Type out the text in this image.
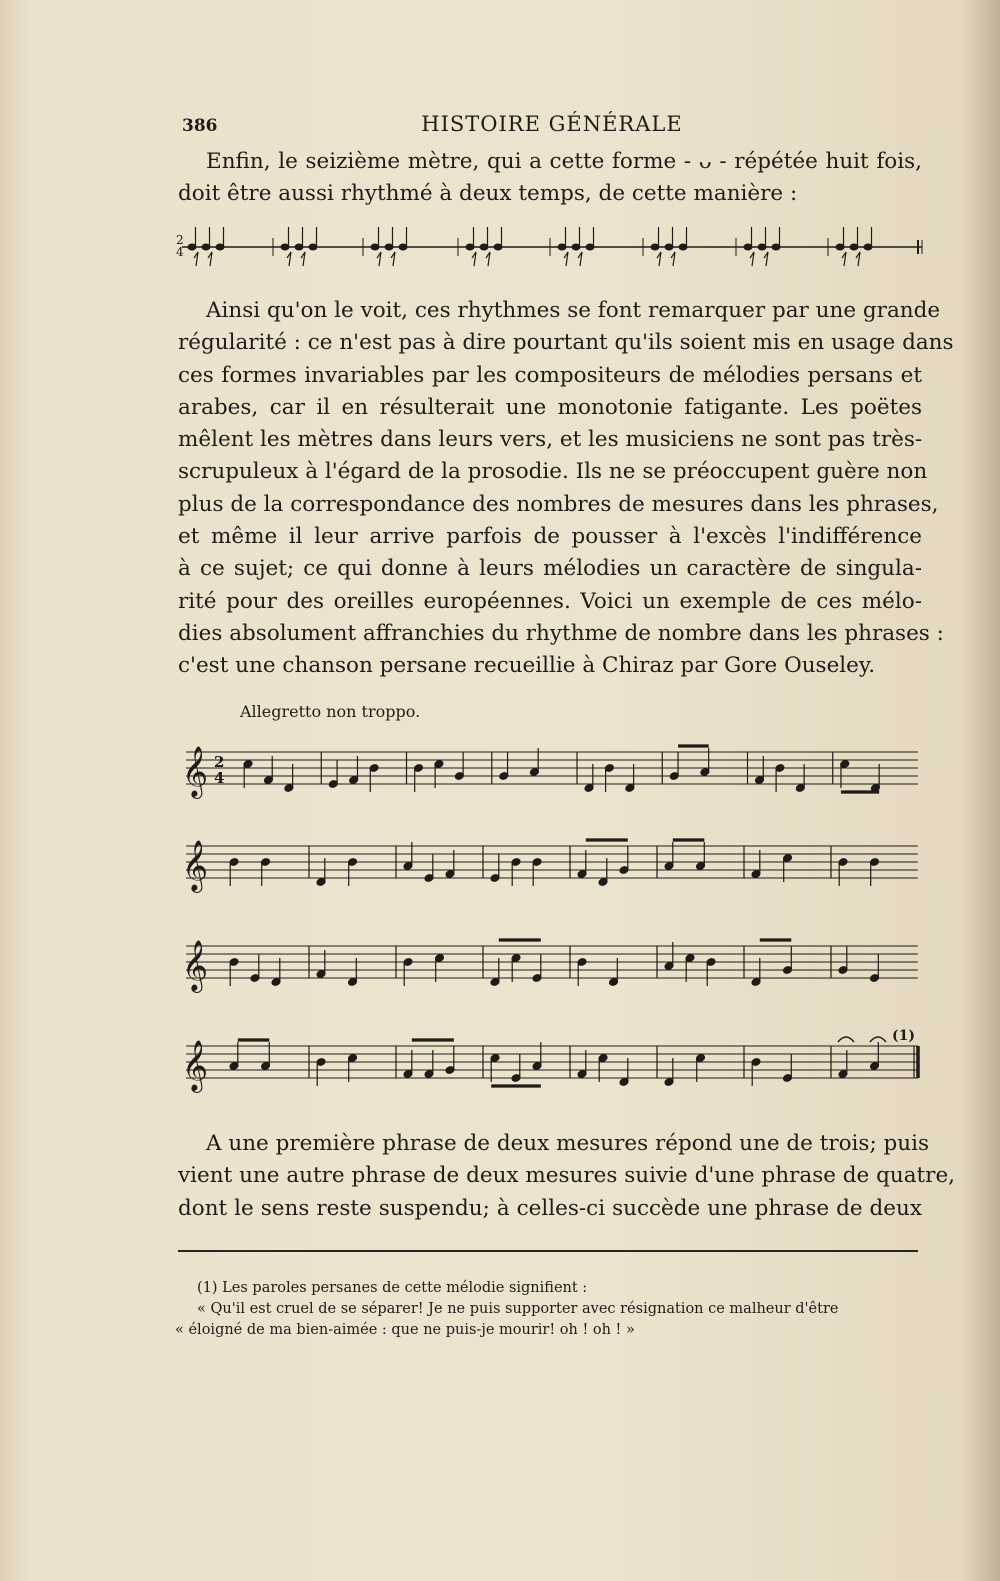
386	HISTOIRE GÉNÉRALE
Enfin, le seizième mètre, qui a cette forme - ᴗ - répétée huit fois,
doit être aussi rhythmé à deux temps, de cette manière :
2
4
𝄞 2
4
𝄞
𝄞
𝄞
(1)
Ainsi qu'on le voit, ces rhythmes se font remarquer par une grande
régularité : ce n'est pas à dire pourtant qu'ils soient mis en usage dans
ces formes invariables par les compositeurs de mélodies persans et
arabes, car il en résulterait une monotonie fatigante. Les poëtes
mêlent les mètres dans leurs vers, et les musiciens ne sont pas très-
scrupuleux à l'égard de la prosodie. Ils ne se préoccupent guère non
plus de la correspondance des nombres de mesures dans les phrases,
et même il leur arrive parfois de pousser à l'excès l'indifférence
à ce sujet; ce qui donne à leurs mélodies un caractère de singula-
rité pour des oreilles européennes. Voici un exemple de ces mélo-
dies absolument affranchies du rhythme de nombre dans les phrases :
c'est une chanson persane recueillie à Chiraz par Gore Ouseley.
Allegretto non troppo.
A une première phrase de deux mesures répond une de trois; puis
vient une autre phrase de deux mesures suivie d'une phrase de quatre,
dont le sens reste suspendu; à celles-ci succède une phrase de deux
(1) Les paroles persanes de cette mélodie signifient :
« Qu'il est cruel de se séparer! Je ne puis supporter avec résignation ce malheur d'être
« éloigné de ma bien-aimée : que ne puis-je mourir! oh ! oh ! »
